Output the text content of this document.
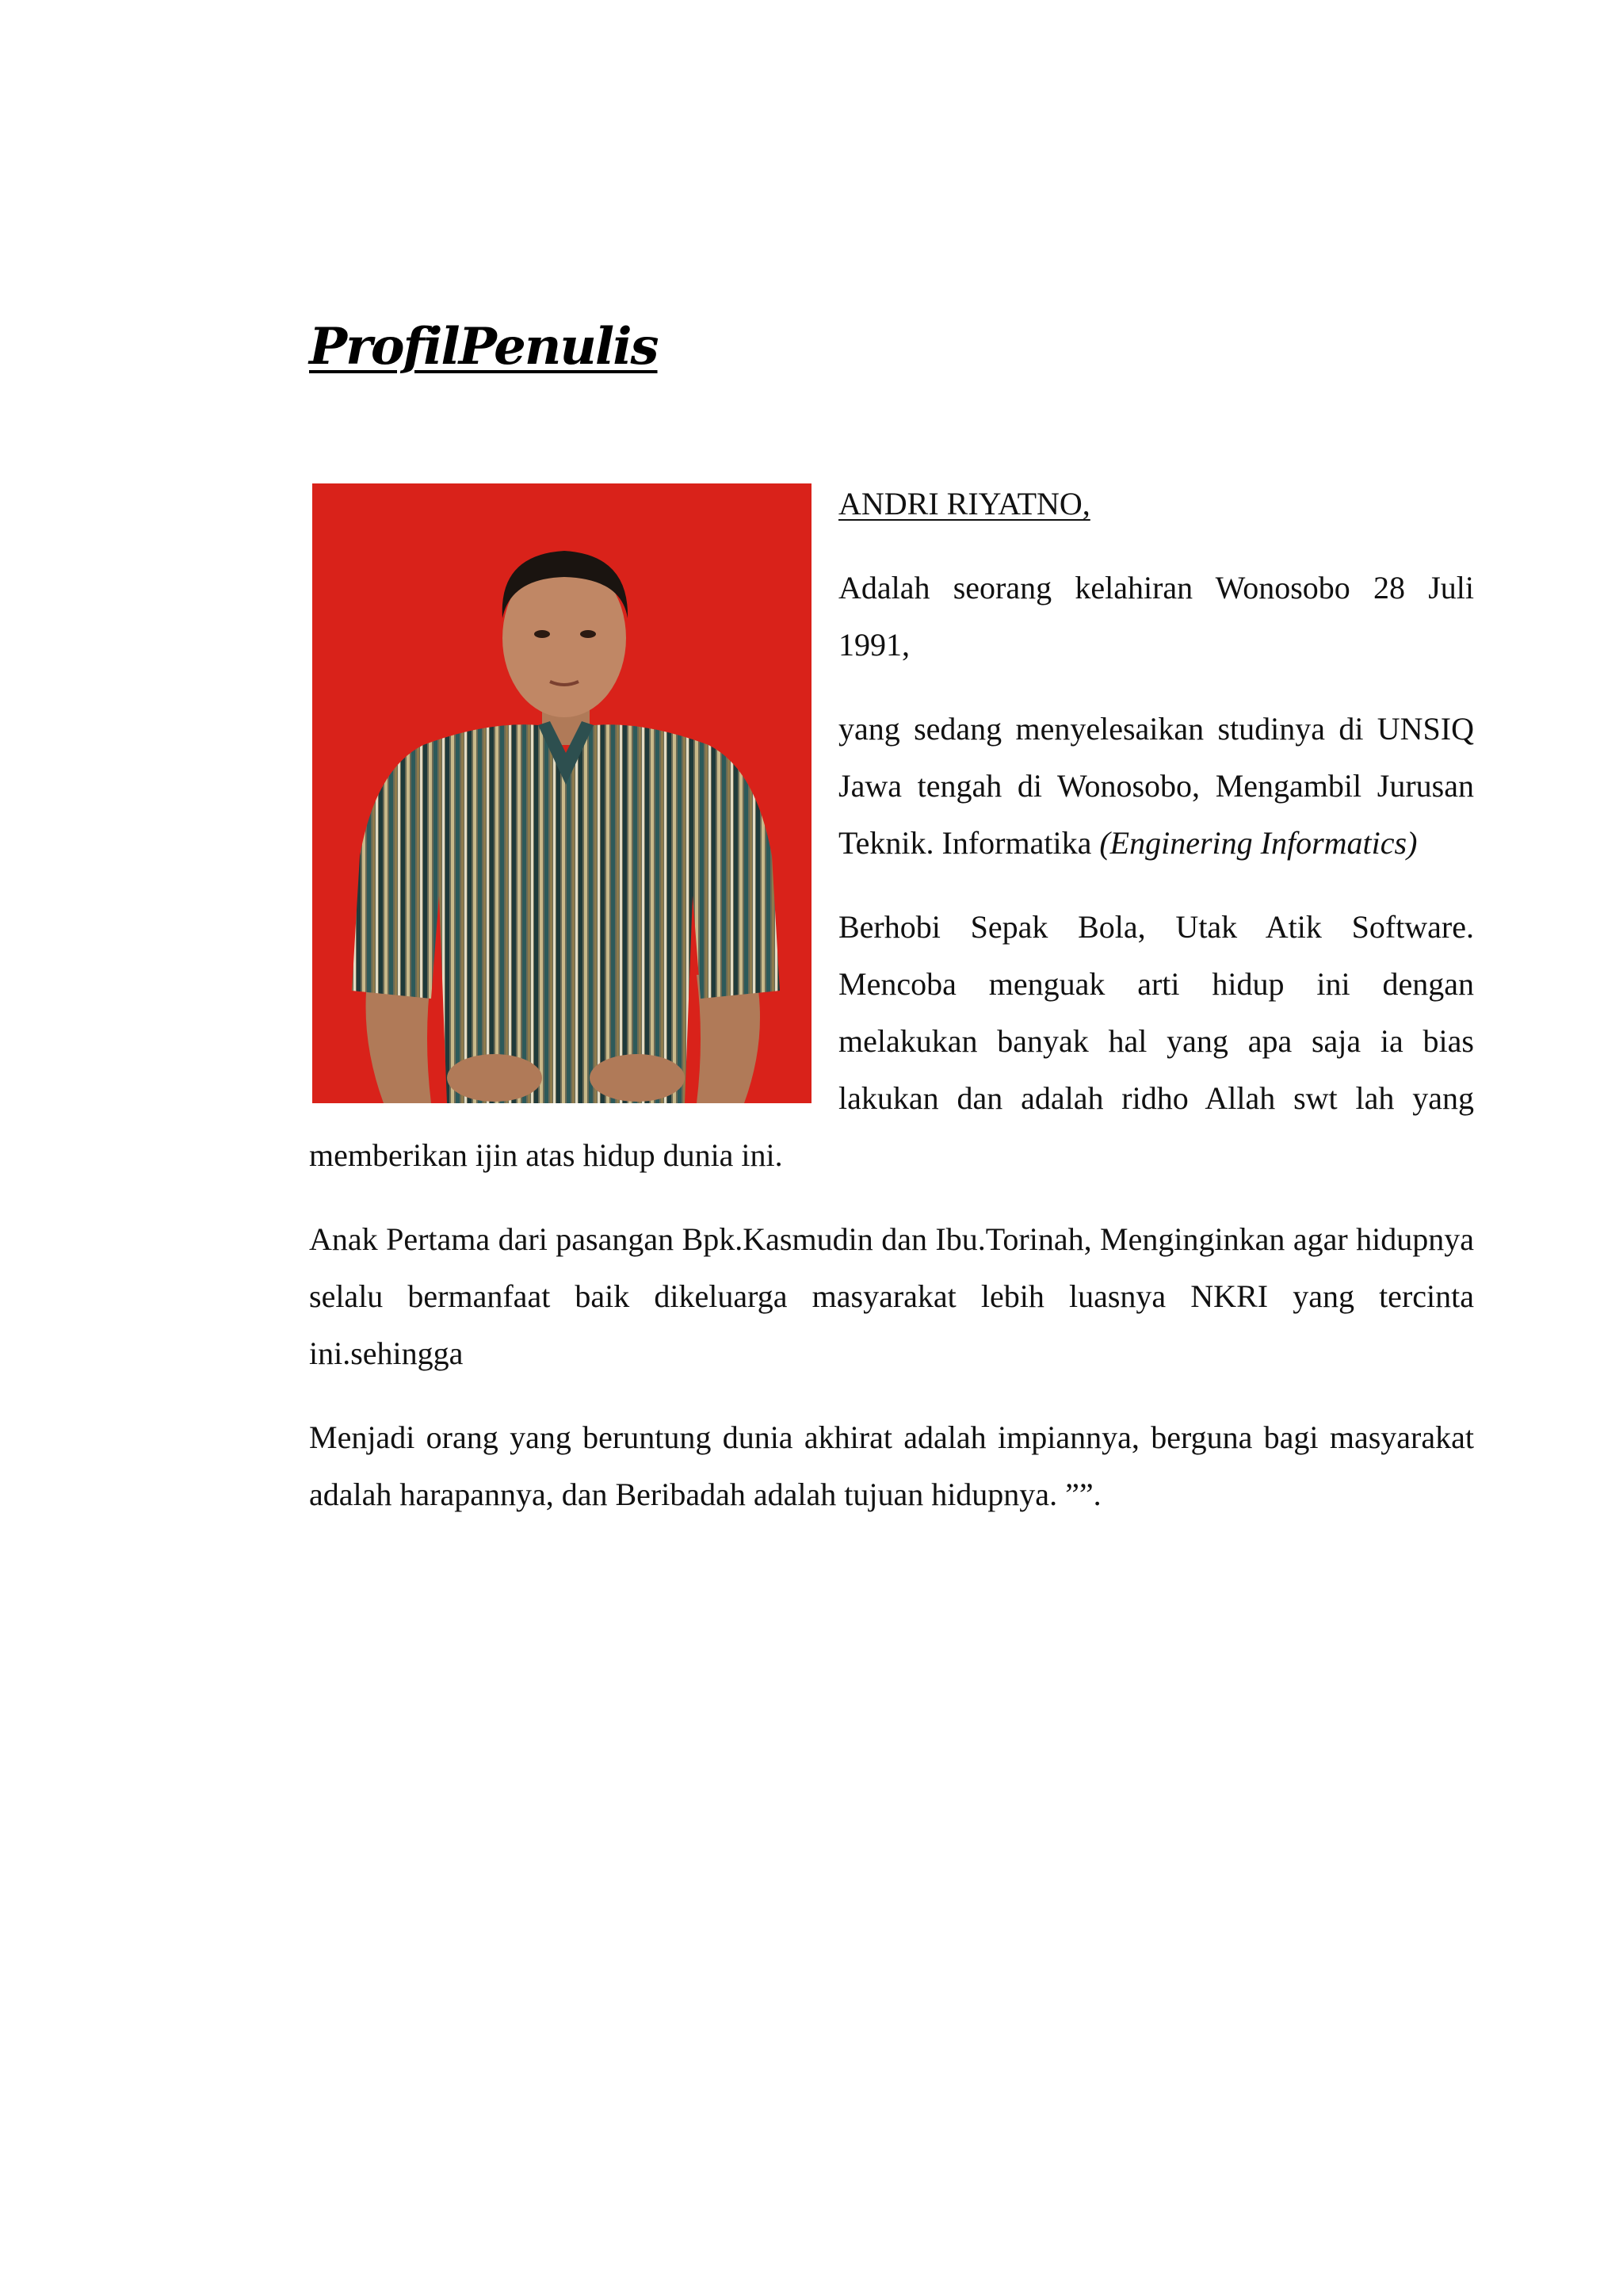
ProfilPenulis

ANDRI RIYATNO,

Adalah seorang kelahiran Wonosobo 28 Juli 1991,

yang sedang menyelesaikan studinya di UNSIQ Jawa tengah di Wonosobo, Mengambil Jurusan Teknik. Informatika (Enginering Informatics)

Berhobi Sepak Bola, Utak Atik Software. Mencoba menguak arti hidup ini dengan melakukan banyak hal yang apa saja ia bias lakukan dan adalah ridho Allah swt lah yang memberikan ijin atas hidup dunia ini.

Anak Pertama dari pasangan Bpk.Kasmudin dan Ibu.Torinah, Menginginkan agar hidupnya selalu bermanfaat baik dikeluarga masyarakat lebih luasnya NKRI yang tercinta ini.sehingga

Menjadi orang yang beruntung dunia akhirat adalah impiannya, berguna bagi masyarakat adalah harapannya, dan Beribadah adalah tujuan hidupnya. ””.
